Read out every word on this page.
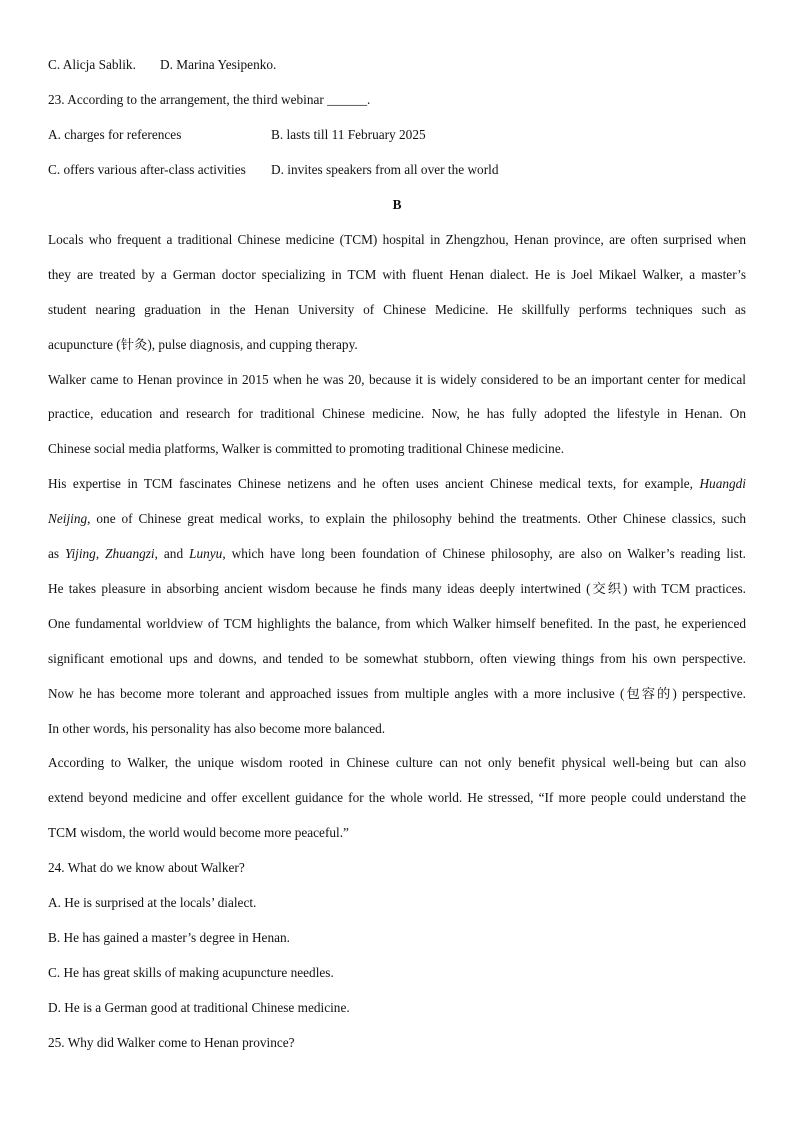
C. Alicja Sablik. D. Marina Yesipenko.
23. According to the arrangement, the third webinar ______.
A. charges for references	B. lasts till 11 February 2025
C. offers various after-class activities D. invites speakers from all over the world
B
Locals who frequent a traditional Chinese medicine (TCM) hospital in Zhengzhou, Henan province, are often surprised when
they are treated by a German doctor specializing in TCM with fluent Henan dialect. He is Joel Mikael Walker, a master’s
student nearing graduation in the Henan University of Chinese Medicine. He skillfully performs techniques such as
acupuncture (针灸), pulse diagnosis, and cupping therapy.
Walker came to Henan province in 2015 when he was 20, because it is widely considered to be an important center for medical
practice, education and research for traditional Chinese medicine. Now, he has fully adopted the lifestyle in Henan. On
Chinese social media platforms, Walker is committed to promoting traditional Chinese medicine.
His expertise in TCM fascinates Chinese netizens and he often uses ancient Chinese medical texts, for example, Huangdi
Neijing, one of Chinese great medical works, to explain the philosophy behind the treatments. Other Chinese classics, such
as Yijing, Zhuangzi, and Lunyu, which have long been foundation of Chinese philosophy, are also on Walker’s reading list.
He takes pleasure in absorbing ancient wisdom because he finds many ideas deeply intertwined (交织) with TCM practices.
One fundamental worldview of TCM highlights the balance, from which Walker himself benefited. In the past, he experienced
significant emotional ups and downs, and tended to be somewhat stubborn, often viewing things from his own perspective.
Now he has become more tolerant and approached issues from multiple angles with a more inclusive (包容的) perspective.
In other words, his personality has also become more balanced.
According to Walker, the unique wisdom rooted in Chinese culture can not only benefit physical well-being but can also
extend beyond medicine and offer excellent guidance for the whole world. He stressed, “If more people could understand the
TCM wisdom, the world would become more peaceful.”
24. What do we know about Walker?
A. He is surprised at the locals’ dialect.
B. He has gained a master’s degree in Henan.
C. He has great skills of making acupuncture needles.
D. He is a German good at traditional Chinese medicine.
25. Why did Walker come to Henan province?
